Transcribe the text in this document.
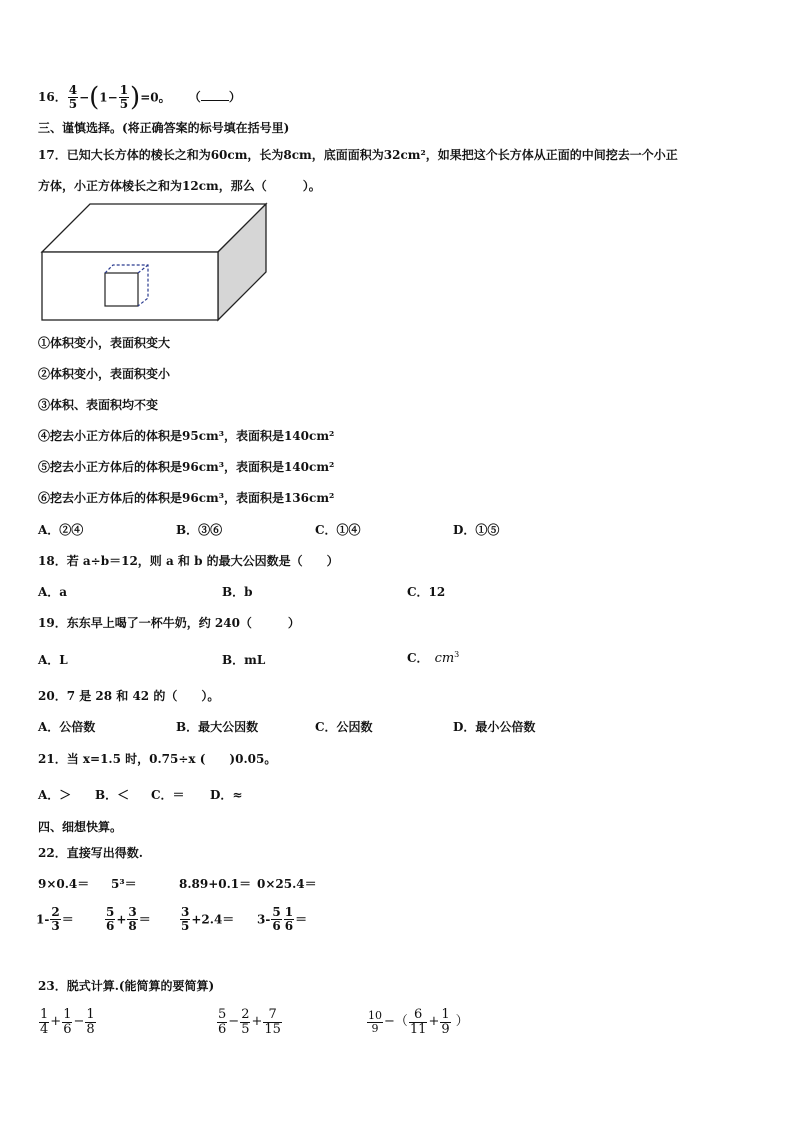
16． $\frac{4}{5} -(1- \frac{1}{5} )=0$。 （ ）
三、谨慎选择。(将正确答案的标号填在括号里)
17．已知大长方体的棱长之和为60cm，长为8cm，底面面积为32cm²，如果把这个长方体从正面的中间挖去一个小正
方体，小正方体棱长之和为12cm，那么（　　　）。
①体积变小，表面积变大
②体积变小，表面积变小
③体积、表面积均不变
④挖去小正方体后的体积是95cm³，表面积是140cm²
⑤挖去小正方体后的体积是96cm³，表面积是140cm²
⑥挖去小正方体后的体积是96cm³，表面积是136cm²
A．②④	B．③⑥	C．①④	D．①⑤
18．若 a÷b＝12，则 a 和 b 的最大公因数是（　　）
A．a	B．b	C．12
19．东东早上喝了一杯牛奶，约 240（　　　）
A．L	B．mL	C． $cm^3$
20．7 是 28 和 42 的（　　）。
A．公倍数	B．最大公因数	C．公因数	D．最小公倍数
21．当 x=1.5 时，0.75÷x (　　)0.05。
A．＞ B．＜ C．＝ D．≈
四、细想快算。
22．直接写出得数.
9×0.4＝ 5³＝	8.89+0.1＝ 0×25.4＝
$1- \frac{2}{3}$ ＝	$\frac{5}{6} + \frac{3}{8} = \frac{3}{5} +2.4= 3- \frac{5}{6} \frac{1}{6}$ ＝
23．脱式计算.(能简算的要简算)
$\frac{1}{4} + \frac{1}{6} - \frac{1}{8}$	$\frac{5}{6} - \frac{2}{5} + \frac{7}{15}$	$\frac{10}{9}$ −（ $\frac{6}{11} + \frac{1}{9}$ ）
